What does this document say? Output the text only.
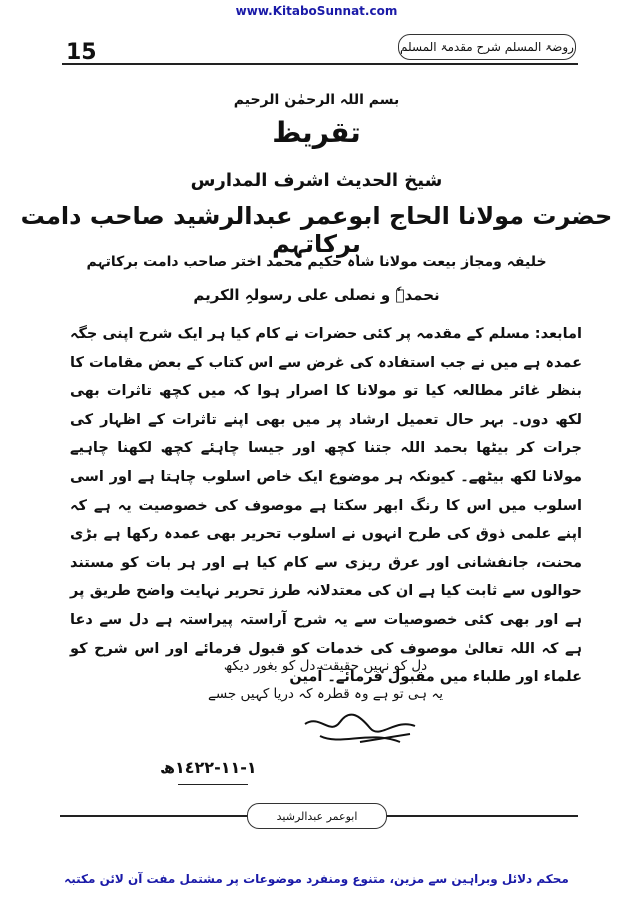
www.KitaboSunnat.com
15	روضۃ المسلم شرح مقدمۃ المسلم
بسم اللہ الرحمٰن الرحیم
تقریظ
شیخ الحدیث اشرف المدارس
حضرت مولانا الحاج ابوعمر عبدالرشید صاحب دامت برکاتہم
خلیفہ ومجاز بیعت مولانا شاہ حکیم محمد اختر صاحب دامت برکاتہم
نحمدہٗ و نصلی علی رسولہِ الکریم
امابعد: مسلم کے مقدمہ پر کئی حضرات نے کام کیا ہر ایک شرح اپنی جگہ عمدہ ہے میں نے جب استفادہ کی غرض سے اس کتاب کے بعض مقامات کا بنظر غائر مطالعہ کیا تو مولانا کا اصرار ہوا کہ میں کچھ تاثرات بھی لکھ دوں۔ بہر حال تعمیل ارشاد پر میں بھی اپنے تاثرات کے اظہار کی جرات کر بیٹھا بحمد اللہ جتنا کچھ اور جیسا چاہئے کچھ لکھنا چاہیے مولانا لکھ بیٹھے۔ کیونکہ ہر موضوع ایک خاص اسلوب چاہتا ہے اور اسی اسلوب میں اس کا رنگ ابھر سکتا ہے موصوف کی خصوصیت یہ ہے کہ اپنے علمی ذوق کی طرح انہوں نے اسلوب تحریر بھی عمدہ رکھا ہے بڑی محنت، جانفشانی اور عرق ریزی سے کام کیا ہے اور ہر بات کو مستند حوالوں سے ثابت کیا ہے ان کی معتدلانہ طرز تحریر نہایت واضح طریق پر ہے اور بھی کئی خصوصیات سے یہ شرح آراستہ پیراستہ ہے دل سے دعا ہے کہ اللہ تعالیٰ موصوف کی خدمات کو قبول فرمائے اور اس شرح کو علماء اور طلباء میں مقبول فرمائے۔ آمین
دل کو نہیں حقیقت دل کو بغور دیکھ
یہ ہی تو ہے وہ قطرہ کہ دریا کہیں جسے
١-١١-١٤٢٢ھ
ابوعمر عبدالرشید
محکم دلائل وبراہین سے مزین، متنوع ومنفرد موضوعات پر مشتمل مفت آن لائن مکتبہ
